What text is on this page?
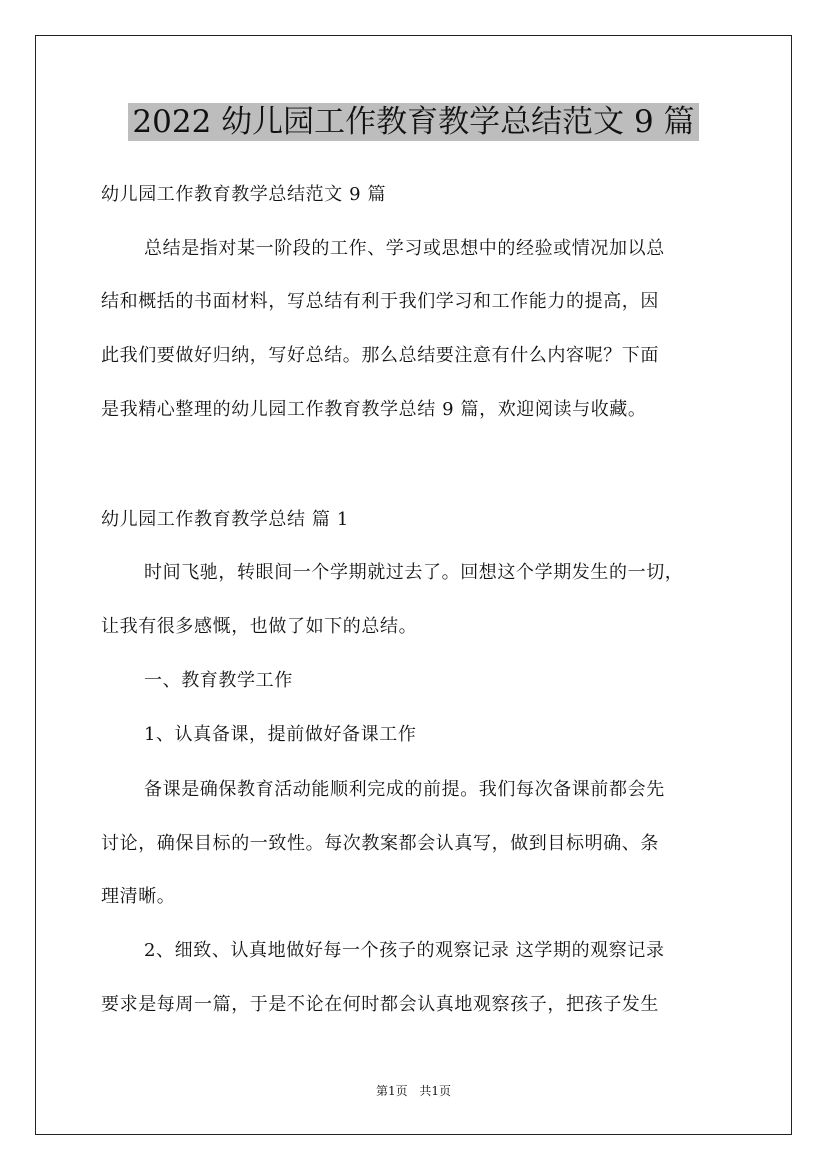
2022 幼儿园工作教育教学总结范文 9 篇
幼儿园工作教育教学总结范文 9 篇
总结是指对某一阶段的工作、学习或思想中的经验或情况加以总
结和概括的书面材料，写总结有利于我们学习和工作能力的提高，因
此我们要做好归纳，写好总结。那么总结要注意有什么内容呢？下面
是我精心整理的幼儿园工作教育教学总结 9 篇，欢迎阅读与收藏。
幼儿园工作教育教学总结 篇 1
时间飞驰，转眼间一个学期就过去了。回想这个学期发生的一切，
让我有很多感慨，也做了如下的总结。
一、教育教学工作
1、认真备课，提前做好备课工作
备课是确保教育活动能顺利完成的前提。我们每次备课前都会先
讨论，确保目标的一致性。每次教案都会认真写，做到目标明确、条
理清晰。
2、细致、认真地做好每一个孩子的观察记录 这学期的观察记录
要求是每周一篇，于是不论在何时都会认真地观察孩子，把孩子发生
第1页 共1页
